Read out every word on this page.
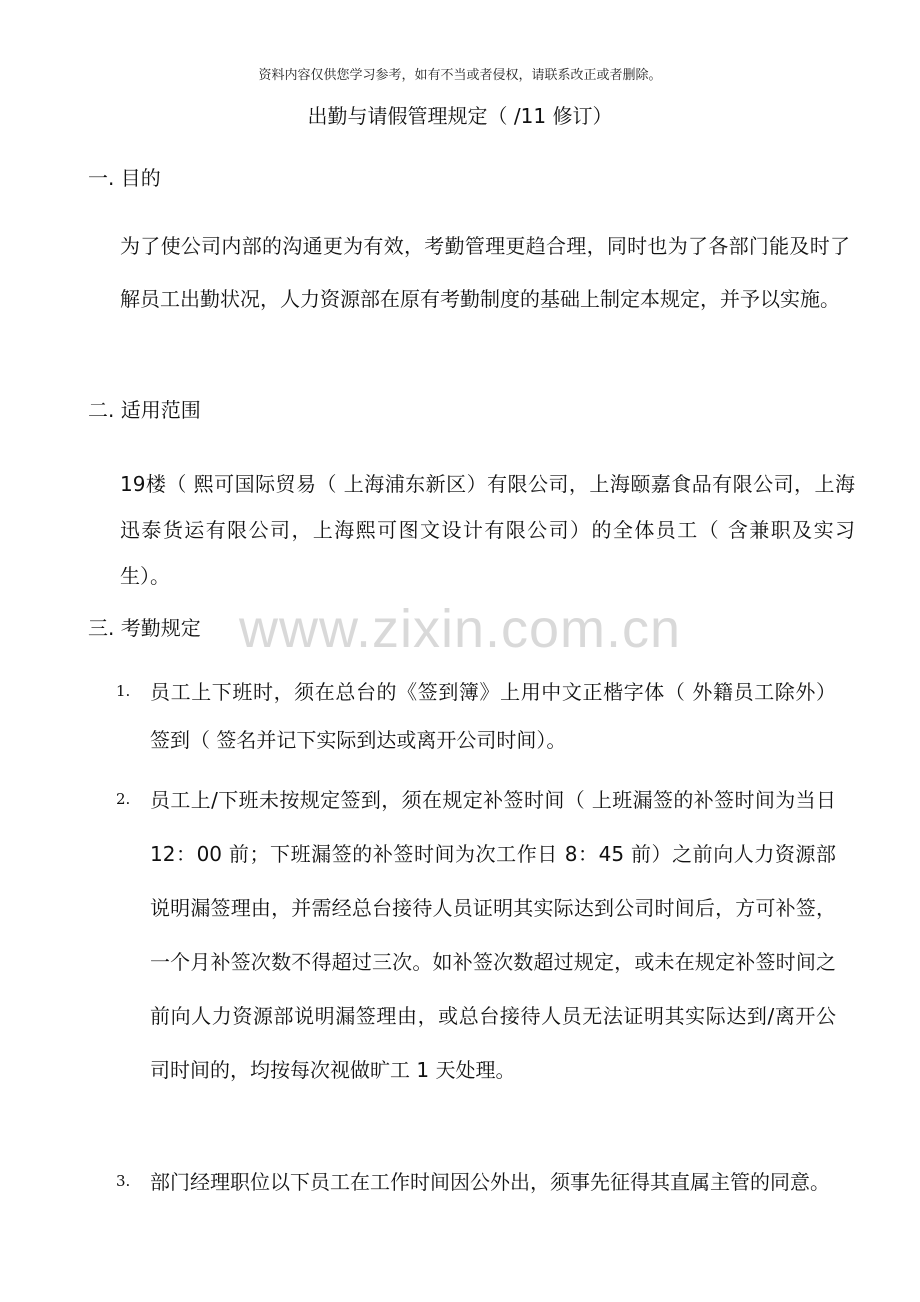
资料内容仅供您学习参考，如有不当或者侵权，请联系改正或者删除。
出勤与请假管理规定（ /11 修订）
一. 目的
为了使公司内部的沟通更为有效，考勤管理更趋合理，同时也为了各部门能及时了解员工出勤状况，人力资源部在原有考勤制度的基础上制定本规定，并予以实施。
二. 适用范围
19楼（ 熙可国际贸易（ 上海浦东新区）有限公司，上海颐嘉食品有限公司，上海迅泰货运有限公司，上海熙可图文设计有限公司）的全体员工（ 含兼职及实习生）。
三. 考勤规定
1. 员工上下班时，须在总台的《签到簿》上用中文正楷字体（ 外籍员工除外）签到（ 签名并记下实际到达或离开公司时间）。
2. 员工上/下班未按规定签到，须在规定补签时间（ 上班漏签的补签时间为当日 12：00 前；下班漏签的补签时间为次工作日 8：45 前）之前向人力资源部说明漏签理由，并需经总台接待人员证明其实际达到公司时间后，方可补签，一个月补签次数不得超过三次。如补签次数超过规定，或未在规定补签时间之前向人力资源部说明漏签理由，或总台接待人员无法证明其实际达到/离开公司时间的，均按每次视做旷工 1 天处理。
3. 部门经理职位以下员工在工作时间因公外出，须事先征得其直属主管的同意。
www.zixin.com.cn
